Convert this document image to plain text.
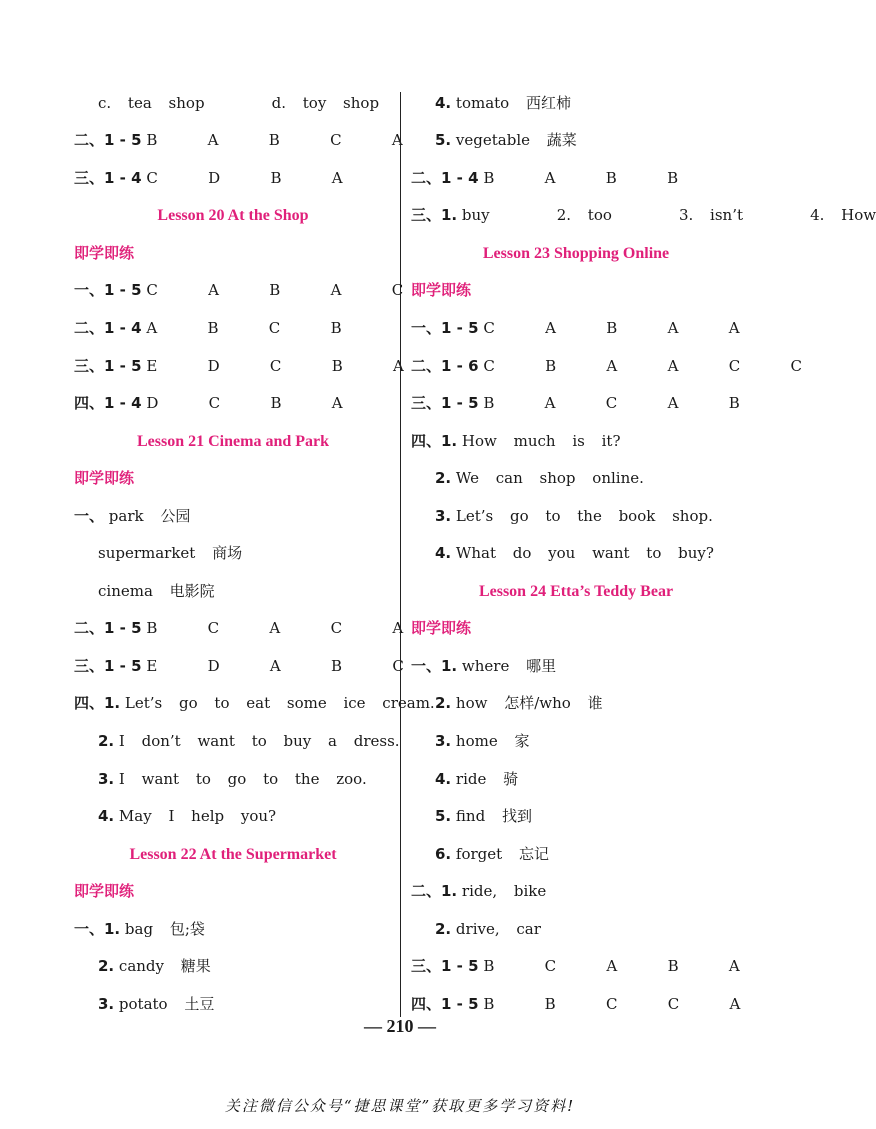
c. tea shop    d. toy shop
二、1 - 5 B   A   B   C   A
三、1 - 4 C   D   B   A
Lesson 20 At the Shop
即学即练
一、1 - 5 C   A   B   A   C
二、1 - 4 A   B   C   B
三、1 - 5 E   D   C   B   A
四、1 - 4 D   C   B   A
Lesson 21 Cinema and Park
即学即练
一、 park 公园
supermarket 商场
cinema 电影院
二、1 - 5 B   C   A   C   A
三、1 - 5 E   D   A   B   C
四、1. Let’s go to eat some ice cream.
2. I don’t want to buy a dress.
3. I want to go to the zoo.
4. May I help you?
Lesson 22 At the Supermarket
即学即练
一、1. bag 包;袋
2. candy 糖果
3. potato 土豆
4. tomato 西红柿
5. vegetable 蔬菜
二、1 - 4 B   A   B   B
三、1. buy    2. too    3. isn’t    4. How
Lesson 23 Shopping Online
即学即练
一、1 - 5 C   A   B   A   A
二、1 - 6 C   B   A   A   C   C
三、1 - 5 B   A   C   A   B
四、1. How much is it?
2. We can shop online.
3. Let’s go to the book shop.
4. What do you want to buy?
Lesson 24 Etta’s Teddy Bear
即学即练
一、1. where 哪里
2. how 怎样/who 谁
3. home 家
4. ride 骑
5. find 找到
6. forget 忘记
二、1. ride, bike
2. drive, car
三、1 - 5 B   C   A   B   A
四、1 - 5 B   B   C   C   A
— 210 —
关注微信公众号“捷思课堂”获取更多学习资料!
